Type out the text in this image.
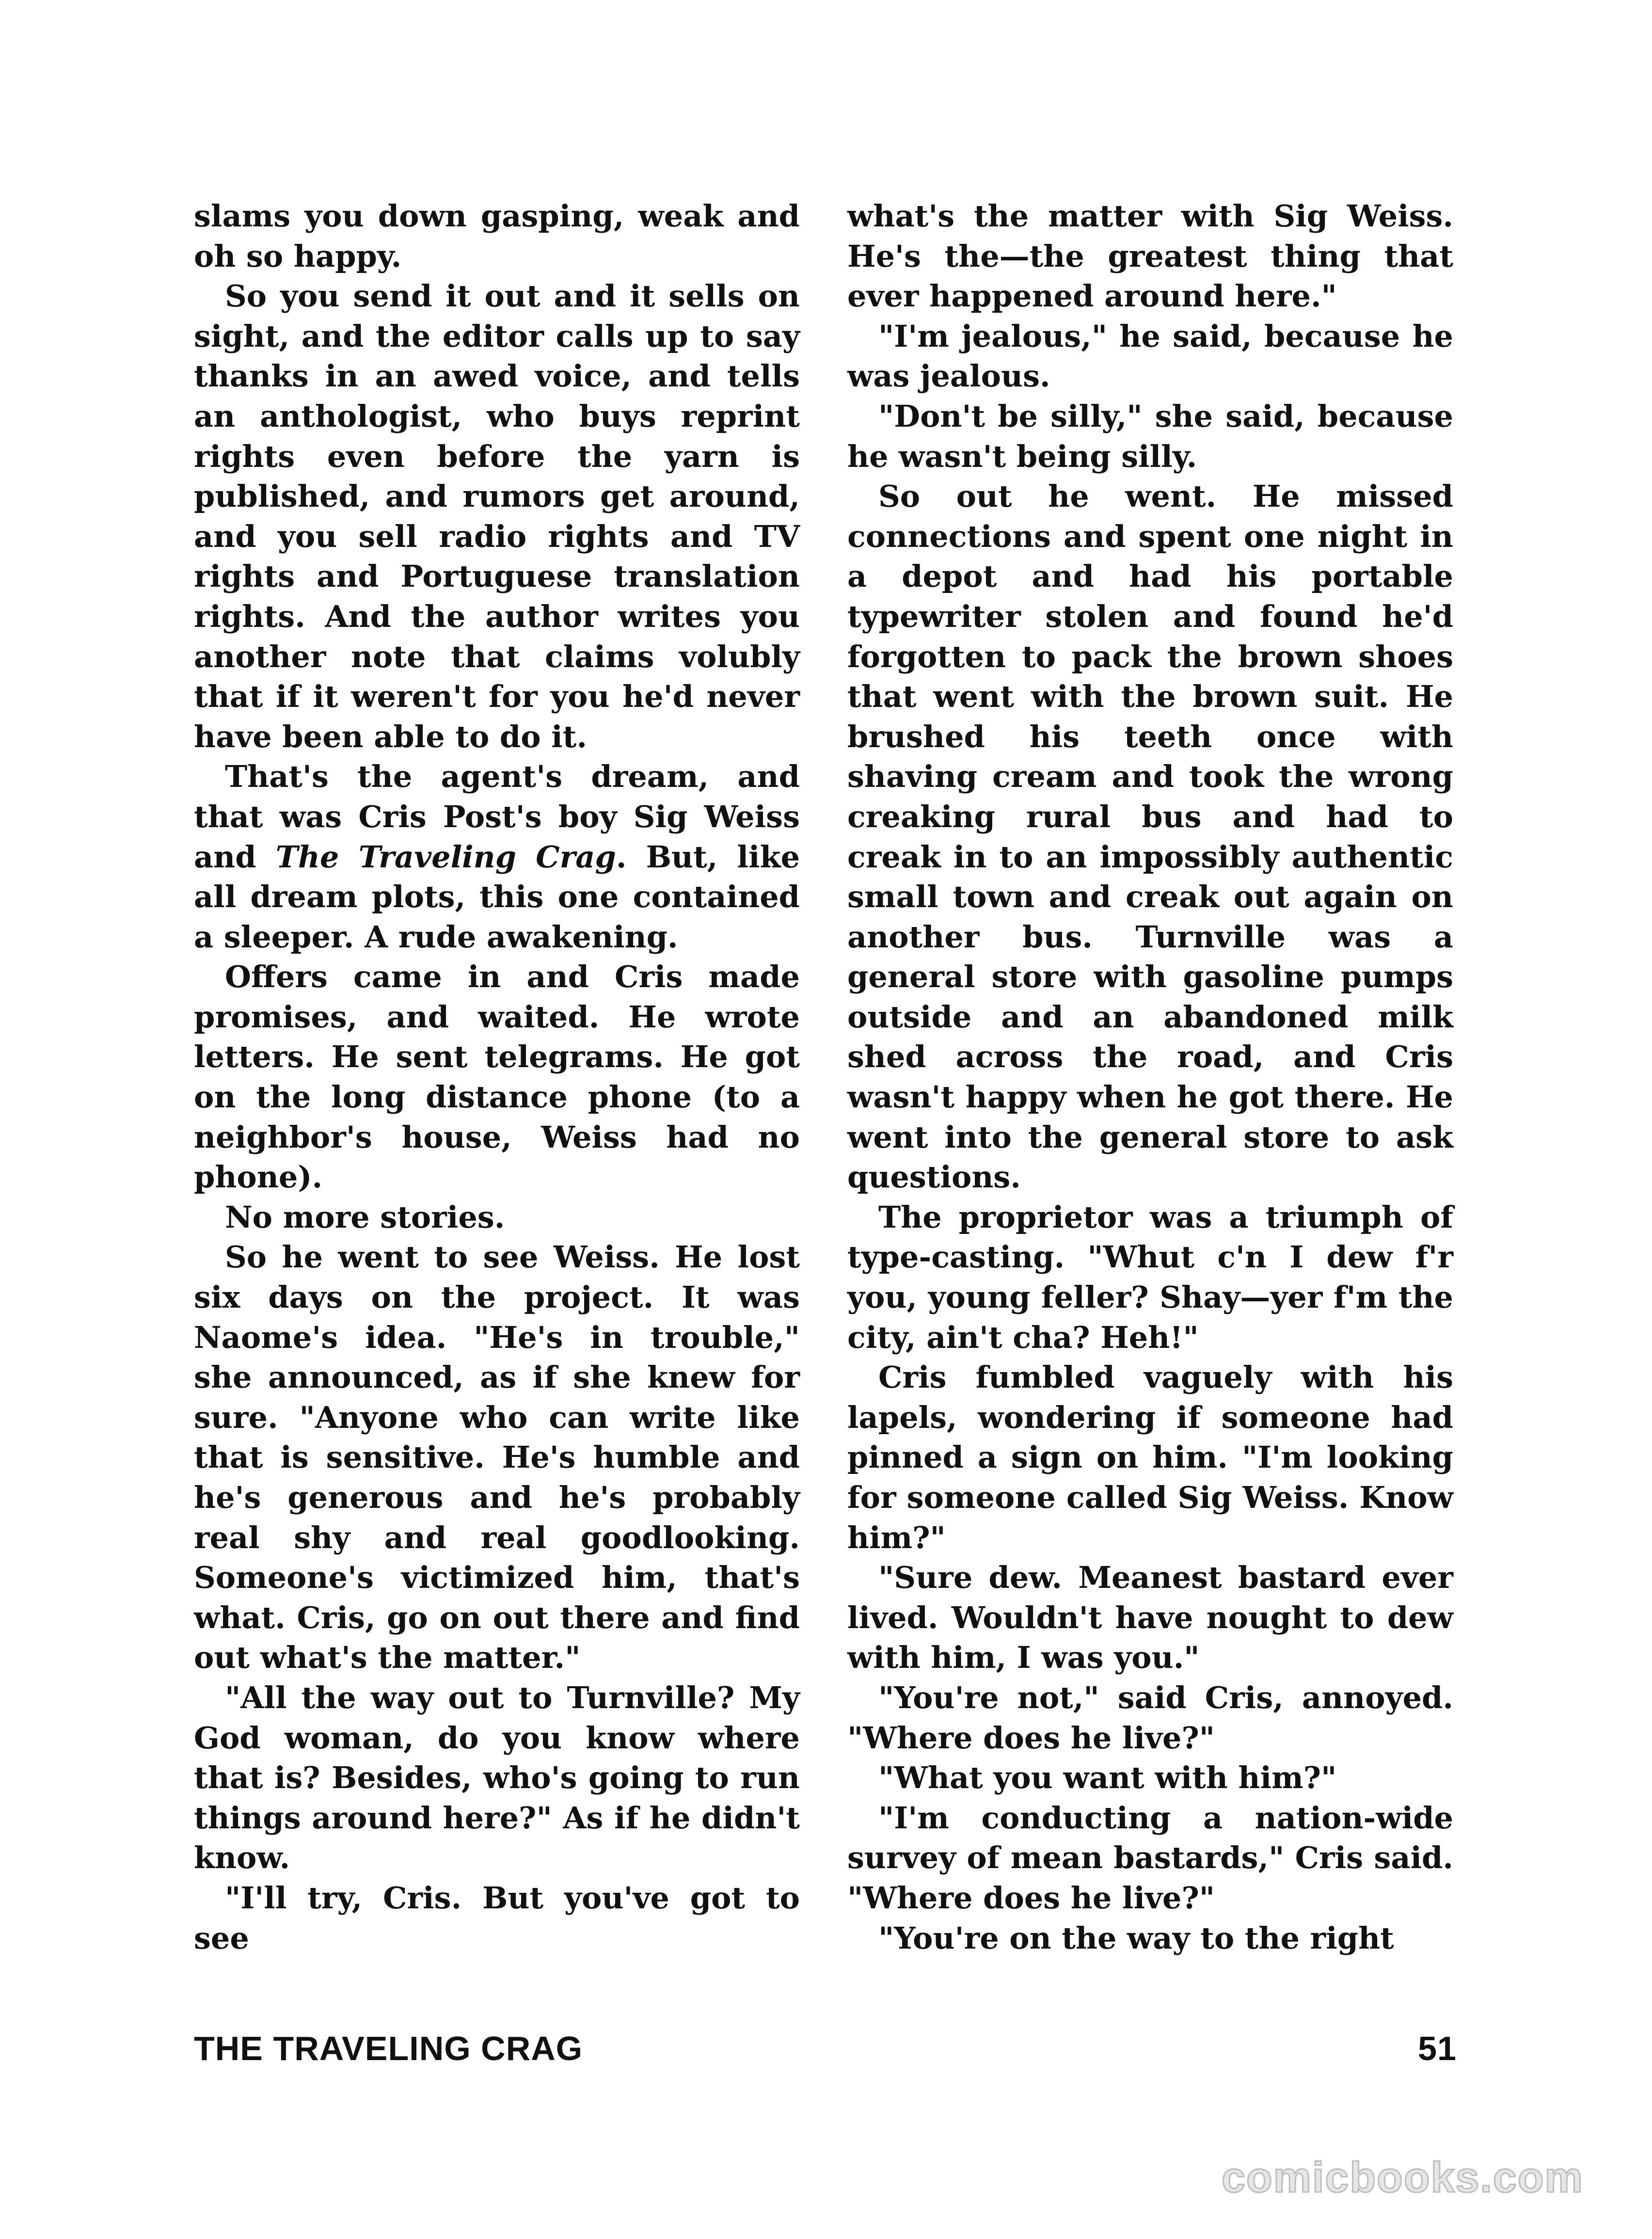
slams you down gasping, weak and oh so happy.

So you send it out and it sells on sight, and the editor calls up to say thanks in an awed voice, and tells an anthologist, who buys reprint rights even before the yarn is published, and rumors get around, and you sell radio rights and TV rights and Portuguese translation rights. And the author writes you another note that claims volubly that if it weren't for you he'd never have been able to do it.

That's the agent's dream, and that was Cris Post's boy Sig Weiss and The Traveling Crag. But, like all dream plots, this one contained a sleeper. A rude awakening.

Offers came in and Cris made promises, and waited. He wrote letters. He sent telegrams. He got on the long distance phone (to a neighbor's house, Weiss had no phone).

No more stories.

So he went to see Weiss. He lost six days on the project. It was Naome's idea. "He's in trouble," she announced, as if she knew for sure. "Anyone who can write like that is sensitive. He's humble and he's generous and he's probably real shy and real goodlooking. Someone's victimized him, that's what. Cris, go on out there and find out what's the matter."

"All the way out to Turnville? My God woman, do you know where that is? Besides, who's going to run things around here?" As if he didn't know.

"I'll try, Cris. But you've got to see

what's the matter with Sig Weiss. He's the—the greatest thing that ever happened around here."

"I'm jealous," he said, because he was jealous.

"Don't be silly," she said, because he wasn't being silly.

So out he went. He missed connections and spent one night in a depot and had his portable typewriter stolen and found he'd forgotten to pack the brown shoes that went with the brown suit. He brushed his teeth once with shaving cream and took the wrong creaking rural bus and had to creak in to an impossibly authentic small town and creak out again on another bus. Turnville was a general store with gasoline pumps outside and an abandoned milk shed across the road, and Cris wasn't happy when he got there. He went into the general store to ask questions.

The proprietor was a triumph of type-casting. "Whut c'n I dew f'r you, young feller? Shay—yer f'm the city, ain't cha? Heh!"

Cris fumbled vaguely with his lapels, wondering if someone had pinned a sign on him. "I'm looking for someone called Sig Weiss. Know him?"

"Sure dew. Meanest bastard ever lived. Wouldn't have nought to dew with him, I was you."

"You're not," said Cris, annoyed. "Where does he live?"

"What you want with him?"

"I'm conducting a nation-wide survey of mean bastards," Cris said. "Where does he live?"

"You're on the way to the right

THE TRAVELING CRAG	51
comicbooks.com
